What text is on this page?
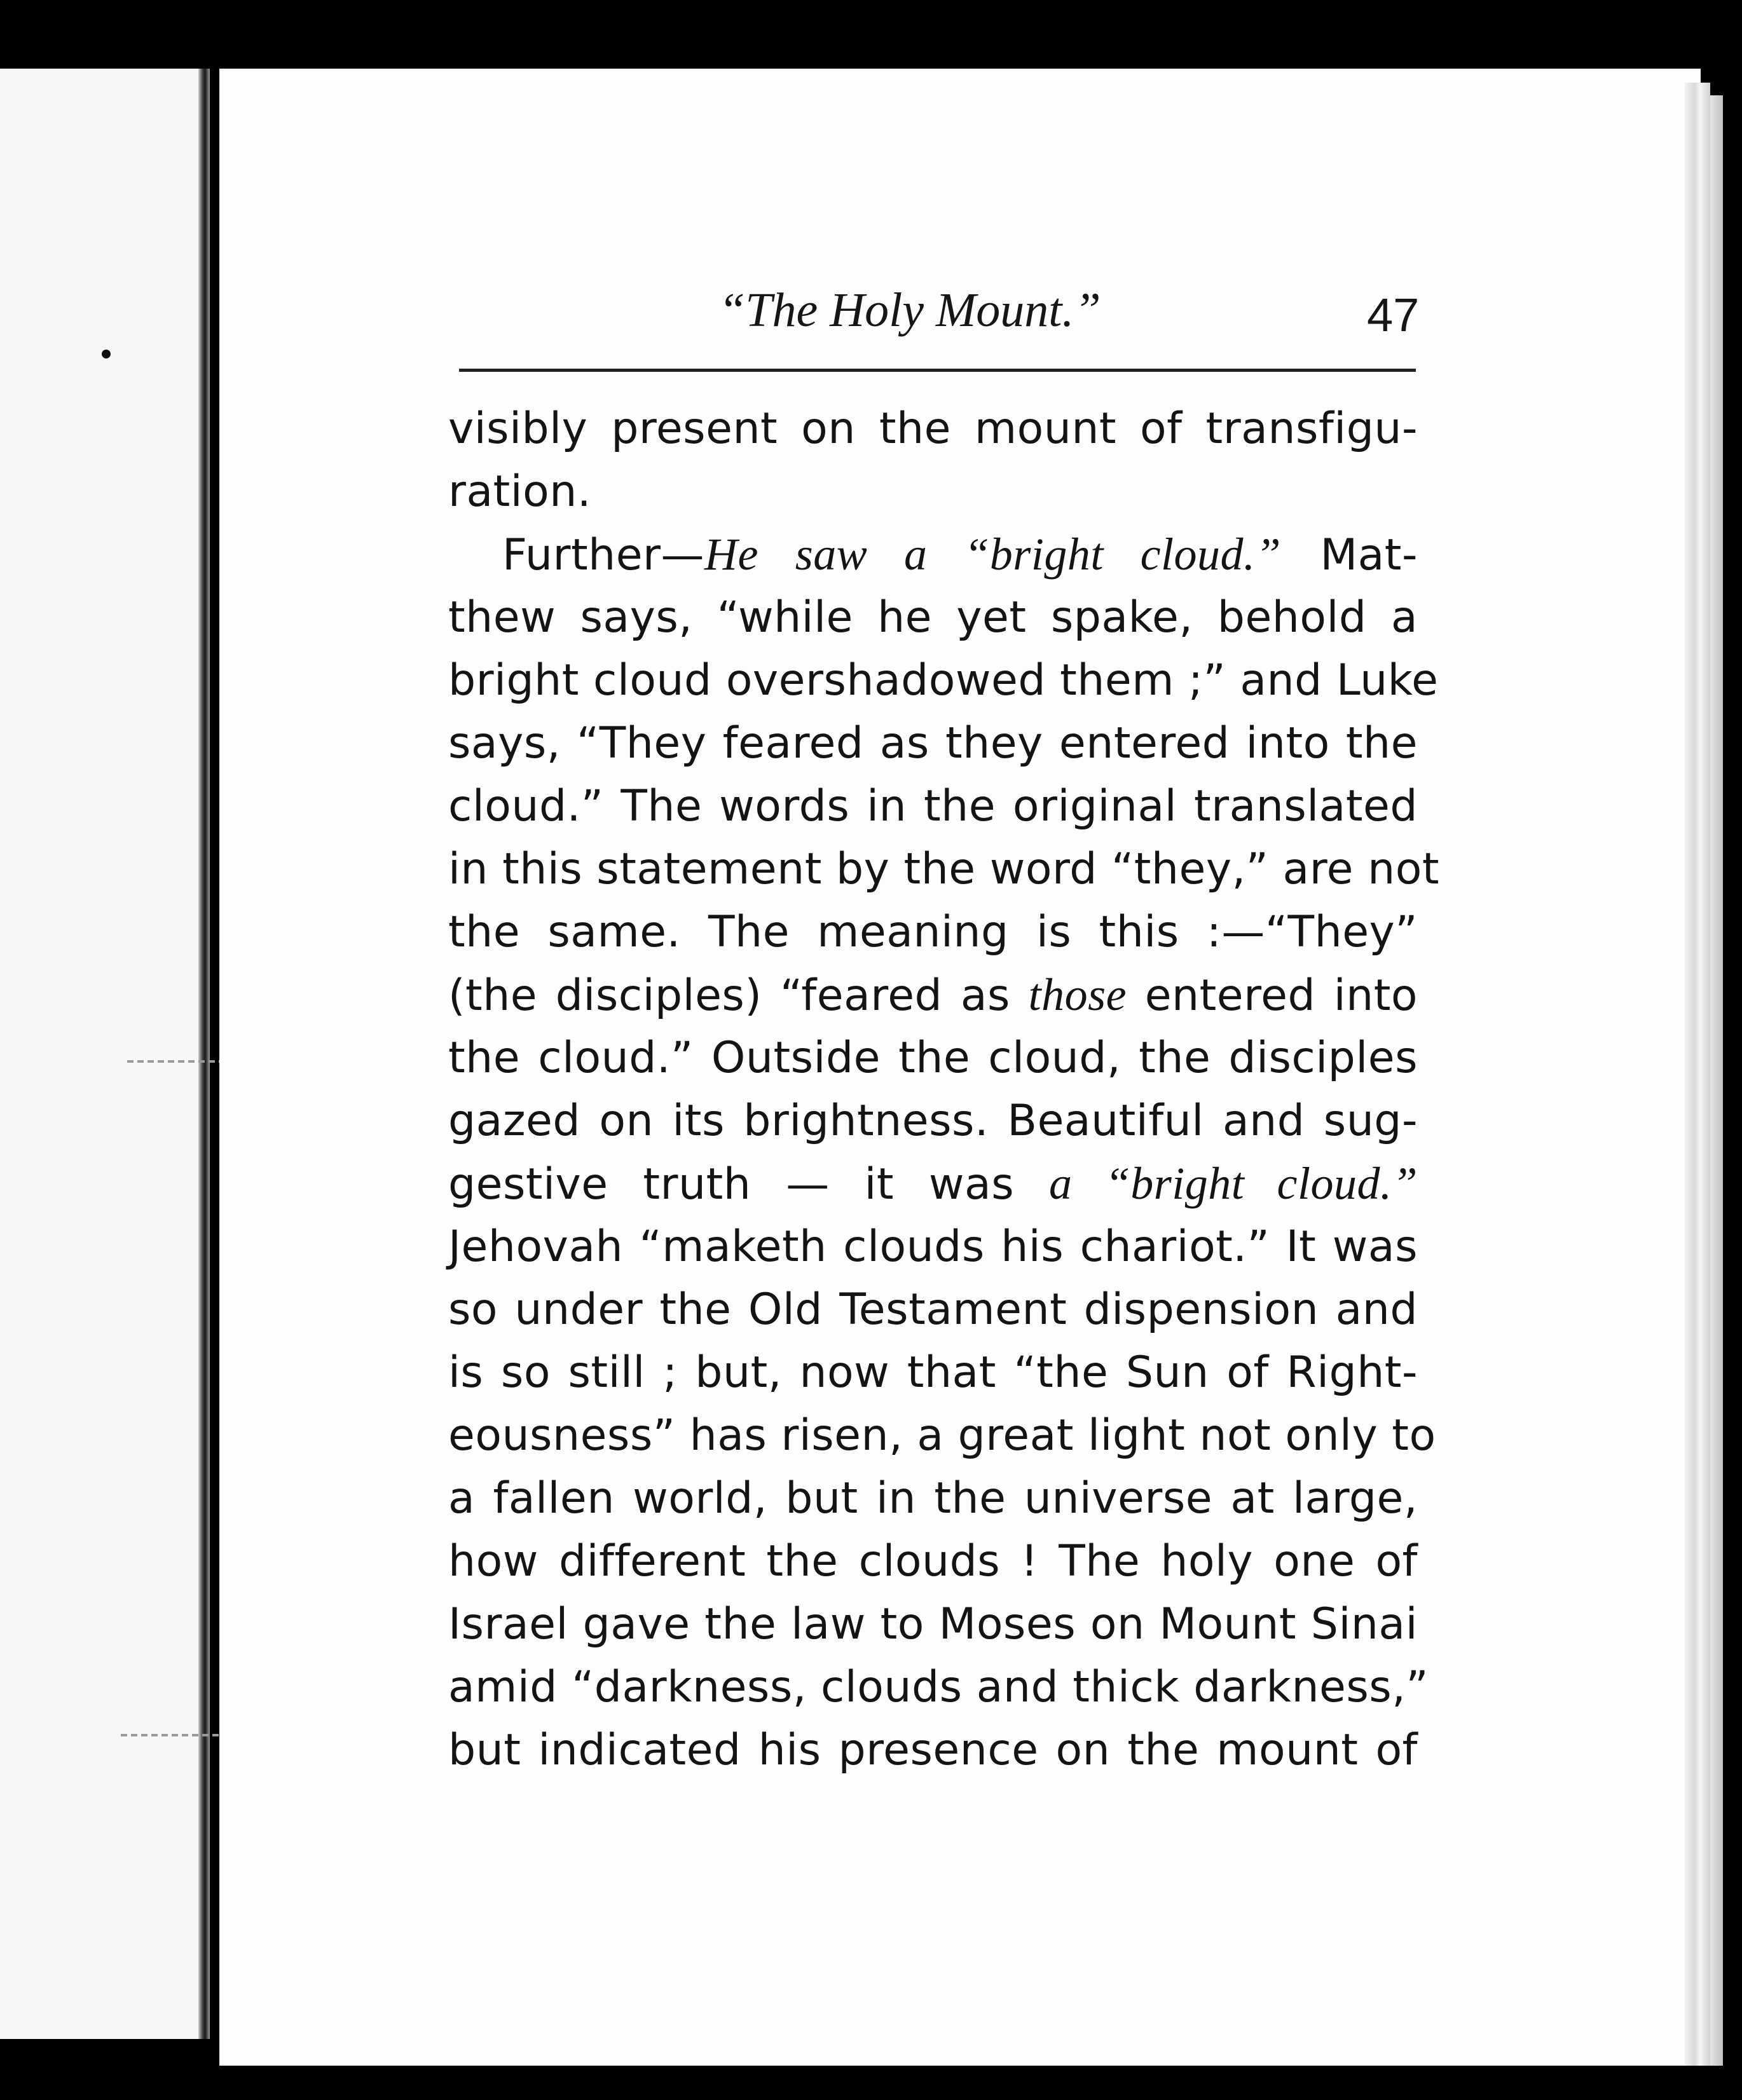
“The Holy Mount.”	47
visibly present on the mount of transfigu-
ration.
Further—He saw a “bright cloud.” Mat-
thew says, “while he yet spake, behold a
bright cloud overshadowed them ;” and Luke
says, “They feared as they entered into the
cloud.” The words in the original translated
in this statement by the word “they,” are not
the same. The meaning is this :—“They”
(the disciples) “feared as those entered into
the cloud.” Outside the cloud, the disciples
gazed on its brightness. Beautiful and sug-
gestive truth — it was a “bright cloud.”
Jehovah “maketh clouds his chariot.” It was
so under the Old Testament dispension and
is so still ; but, now that “the Sun of Right-
eousness” has risen, a great light not only to
a fallen world, but in the universe at large,
how different the clouds ! The holy one of
Israel gave the law to Moses on Mount Sinai
amid “darkness, clouds and thick darkness,”
but indicated his presence on the mount of
